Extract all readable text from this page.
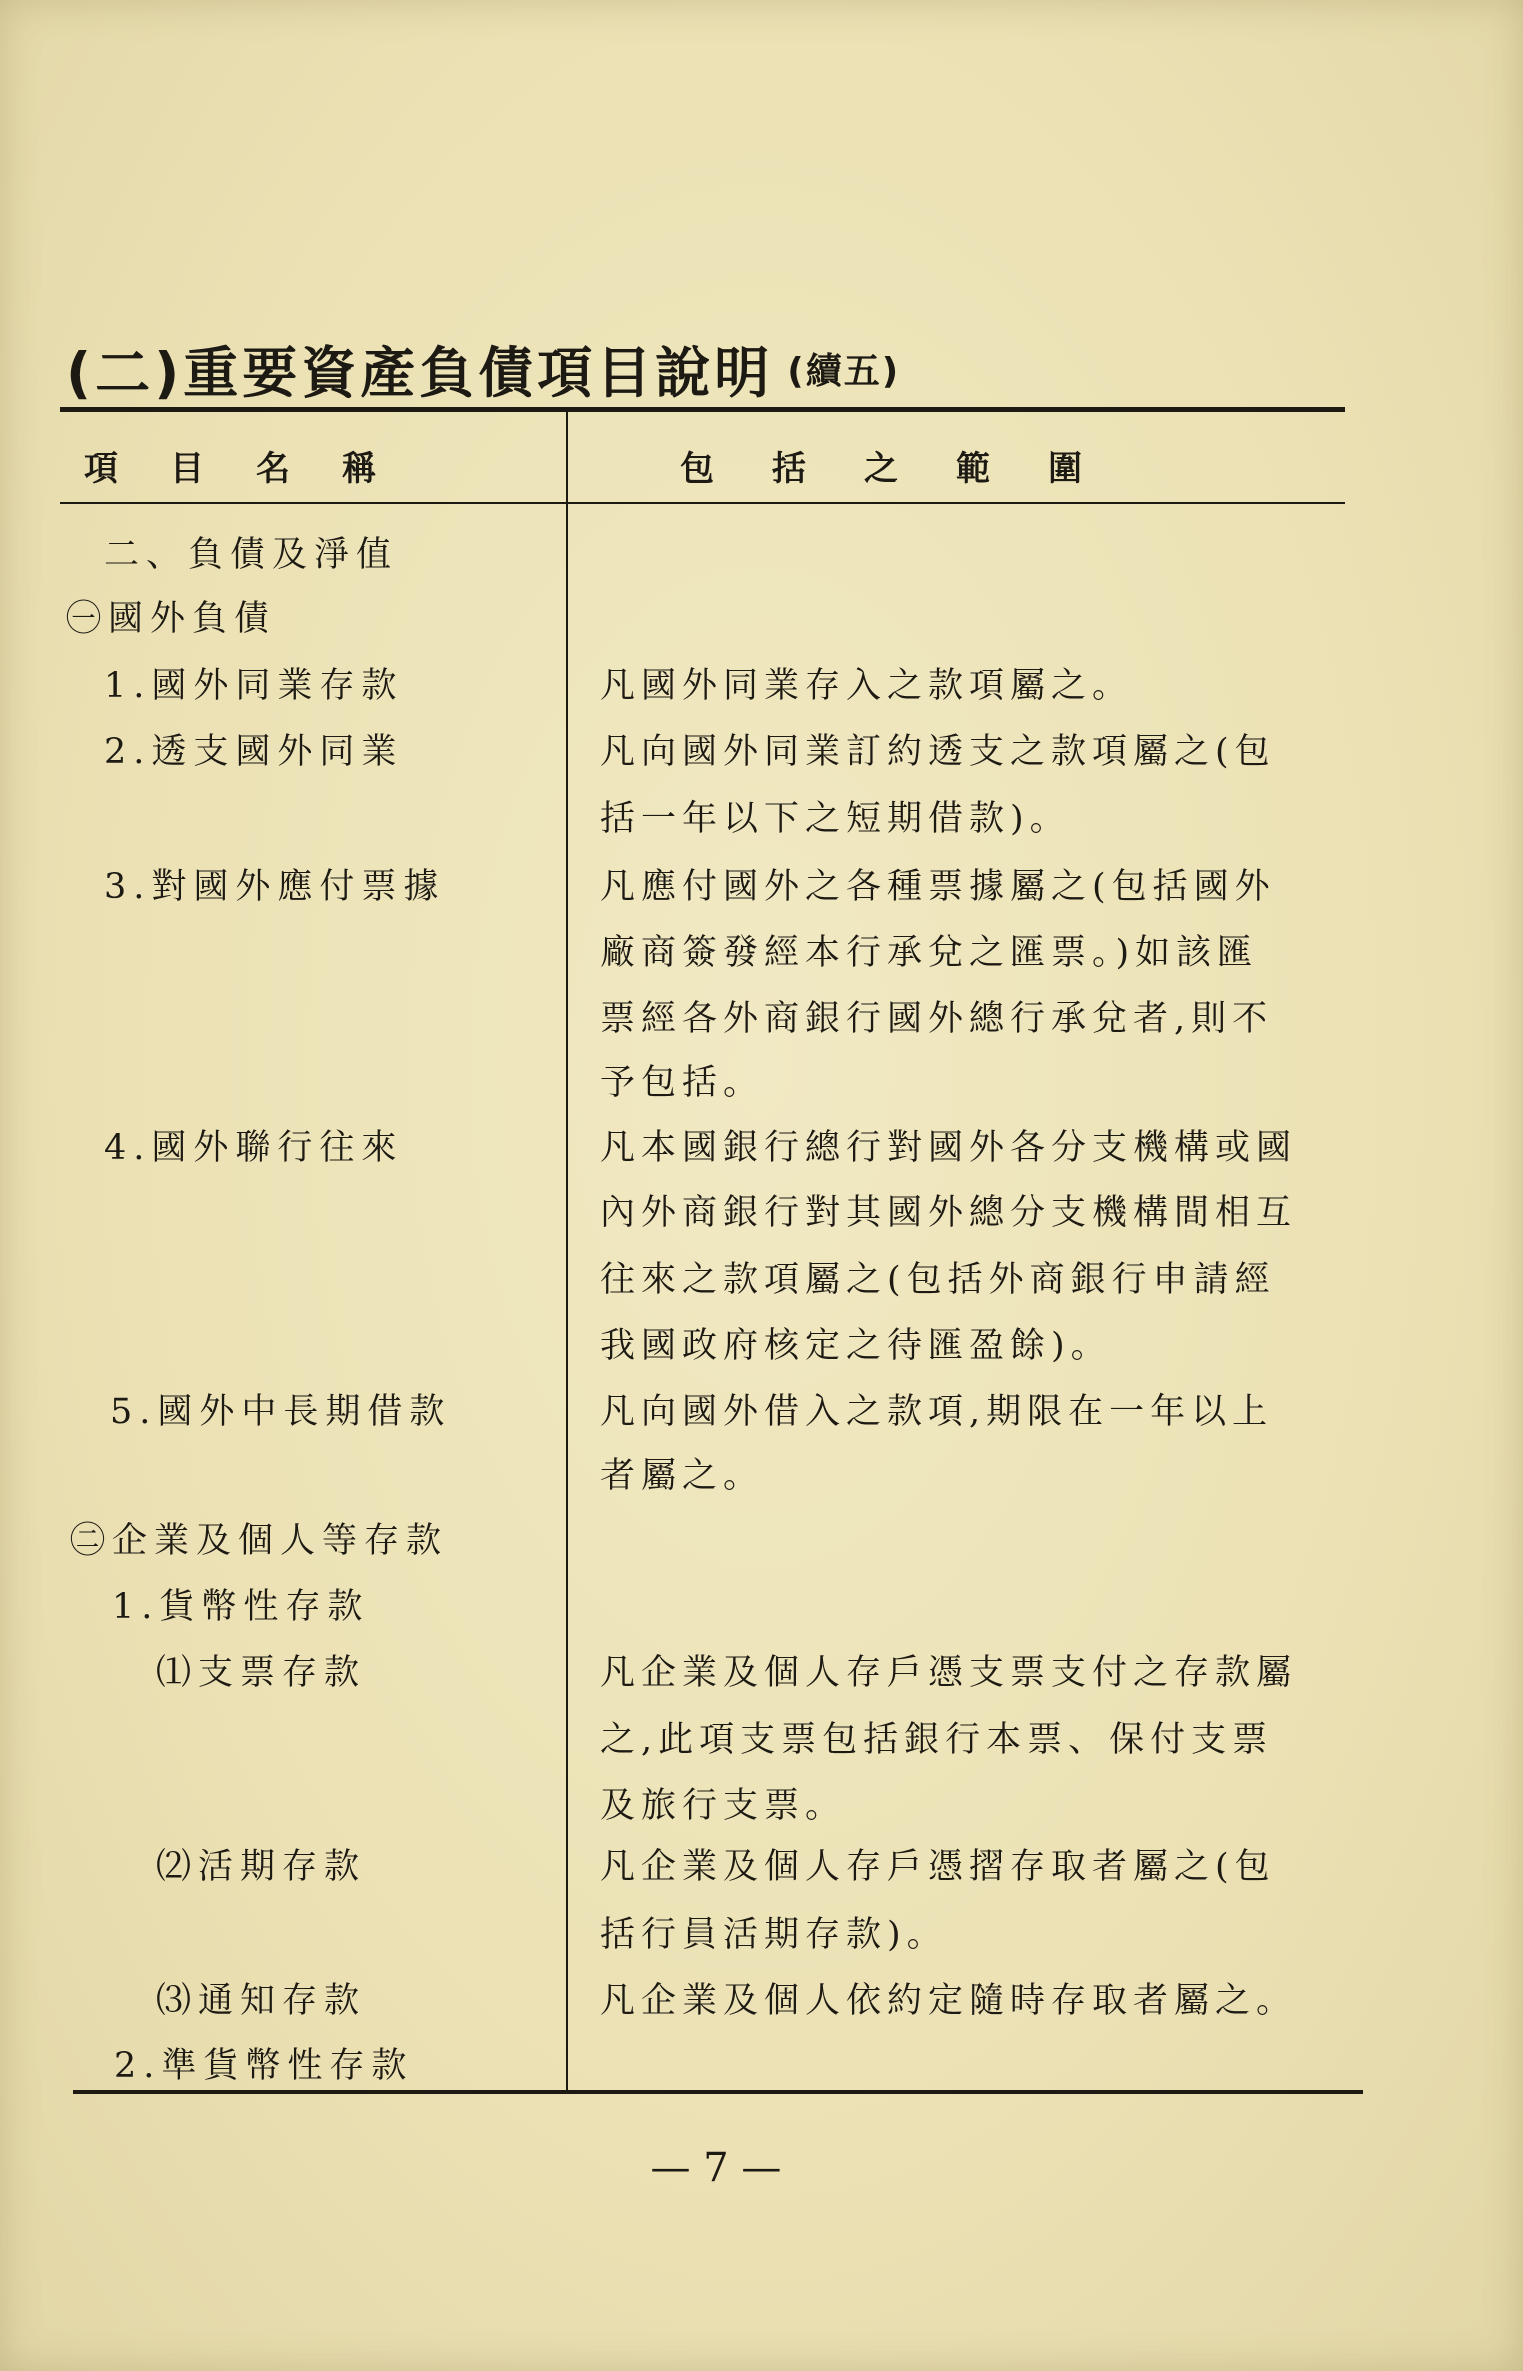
(二)重要資產負債項目說明 (續五)
項目名稱	包括之範圍
二、負債及淨值
㊀國外負債
1.國外同業存款
2.透支國外同業
3.對國外應付票據
4.國外聯行往來
5.國外中長期借款
㊁企業及個人等存款
1.貨幣性存款
⑴支票存款
⑵活期存款
⑶通知存款
2.準貨幣性存款
凡國外同業存入之款項屬之。
凡向國外同業訂約透支之款項屬之(包
括一年以下之短期借款)。
凡應付國外之各種票據屬之(包括國外
廠商簽發經本行承兌之匯票。)如該匯
票經各外商銀行國外總行承兌者,則不
予包括。
凡本國銀行總行對國外各分支機構或國
內外商銀行對其國外總分支機構間相互
往來之款項屬之(包括外商銀行申請經
我國政府核定之待匯盈餘)。
凡向國外借入之款項,期限在一年以上
者屬之。
凡企業及個人存戶憑支票支付之存款屬
之,此項支票包括銀行本票、保付支票
及旅行支票。
凡企業及個人存戶憑摺存取者屬之(包
括行員活期存款)。
凡企業及個人依約定隨時存取者屬之。
— 7 —
